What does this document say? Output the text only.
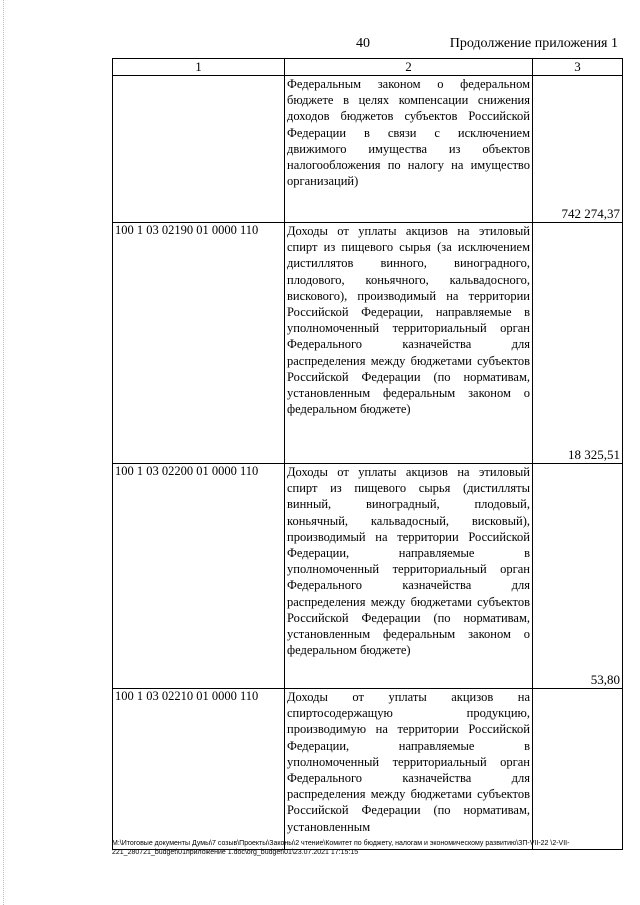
40	Продолжение приложения 1
1	2	3
	Федеральным законом о федеральном бюджете в целях компенсации снижения доходов бюджетов субъектов Российской Федерации в связи с исключением движимого имущества из объектов налогообложения по налогу на имущество организаций)	742 274,37
100 1 03 02190 01 0000 110	Доходы от уплаты акцизов на этиловый спирт из пищевого сырья (за исключением дистиллятов винного, виноградного, плодового, коньячного, кальвадосного, вискового), производимый на территории Российской Федерации, направляемые в уполномоченный территориальный орган Федерального казначейства для распределения между бюджетами субъектов Российской Федерации (по нормативам, установленным федеральным законом о федеральном бюджете)	18 325,51
100 1 03 02200 01 0000 110	Доходы от уплаты акцизов на этиловый спирт из пищевого сырья (дистилляты винный, виноградный, плодовый, коньячный, кальвадосный, висковый), производимый на территории Российской Федерации, направляемые в уполномоченный территориальный орган Федерального казначейства для распределения между бюджетами субъектов Российской Федерации (по нормативам, установленным федеральным законом о федеральном бюджете)	53,80
100 1 03 02210 01 0000 110	Доходы от уплаты акцизов на спиртосодержащую продукцию, производимую на территории Российской Федерации, направляемые в уполномоченный территориальный орган Федерального казначейства для распределения между бюджетами субъектов Российской Федерации (по нормативам, установленным	
M:\Итоговые документы Думы\7 созыв\Проекты\Законы\2 чтение\Комитет по бюджету, налогам и экономическому развитию\ЗП-VII-22 \2-VII-221_280721_budget\01приложение 1.doc\org_budget\01\23.07.2021 17:15:15
